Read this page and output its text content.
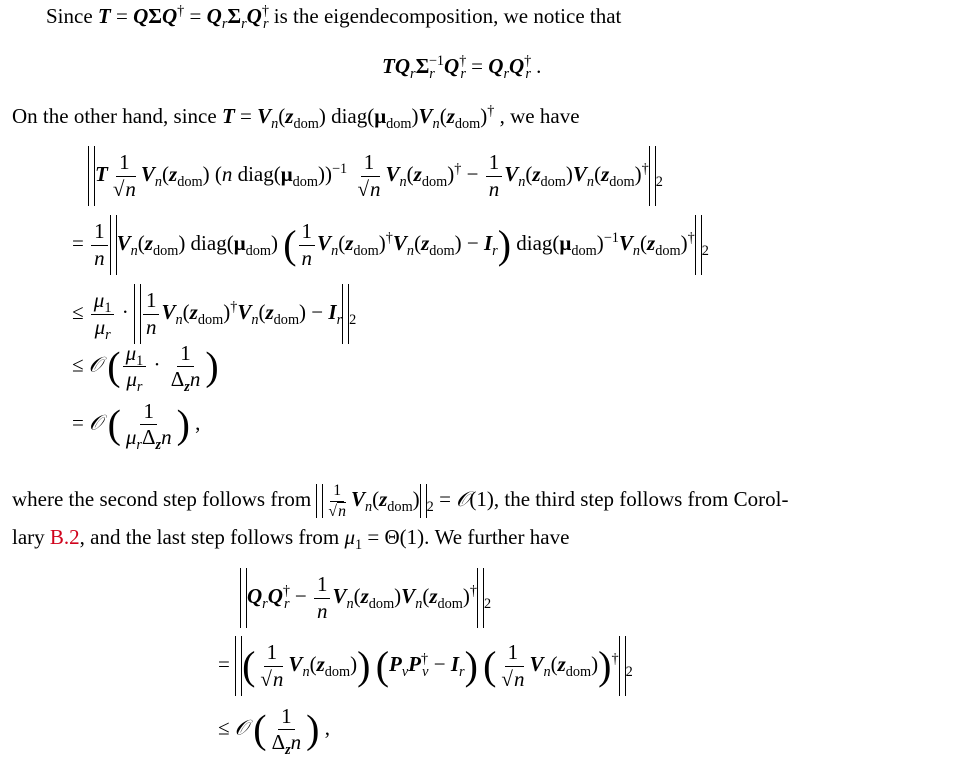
Since $T = Q\Sigma Q^\dagger = Q_r\Sigma_rQ^\dagger_r$ is the eigendecomposition, we notice that
$TQ_r\Sigma_r^{-1}Q^\dagger_r = Q_rQ^\dagger_r$ .
On the other hand, since $T = V_n(z_{dom})$ $diag(\mu_{dom})V_n(z_{dom})^\dagger$ , we have
T $\frac{1}{√n} V_n(z_{dom})$ (n $diag(\mu_{dom}))^{-1} \frac{1}{√n} V_n(z_{dom})^\dagger - \frac{1}{n} V_n(z_{dom})V_n(z_{dom})^\dagger_2$
= $\frac{1}{n} V_n(z_{dom})$ $diag(\mu_{dom})$ ( $\frac{1}{n} V_n(z_{dom})^\dagger V_n(z_{dom}) - I_r$) $diag(\mu_{dom})^{-1}V_n(z_{dom})^\dagger_2$
≤ $\frac{\mu_1}{\mu_r} \cdot \frac{1}{n} V_n(z_{dom})^\dagger V_n(z_{dom}) - I_r$ $_2$
≤ 𝒪 ( $\frac{\mu_1}{\mu_r} \cdot \frac{1}{\Delta_zn}$ )
= 𝒪 ( $\frac{1}{\mu_r\Delta_zn}$ ) ,
where the second step follows from $\frac{1}{√n} V_n(z_{dom}) _2$ = 𝒪(1), the third step follows from Corol-
lary B.2, and the last step follows from $\mu_1 = \Theta(1)$. We further have
$Q_rQ^\dagger_r - \frac{1}{n} V_n(z_{dom})V_n(z_{dom})^\dagger_2$
= ( $\frac{1}{√n} V_n(z_{dom})$) $(P_vP^\dagger_v - I_r)$ ( $\frac{1}{√n} V_n(z_{dom}))^\dagger_2$
≤ 𝒪 ( $\frac{1}{\Delta_zn}$ ) ,
